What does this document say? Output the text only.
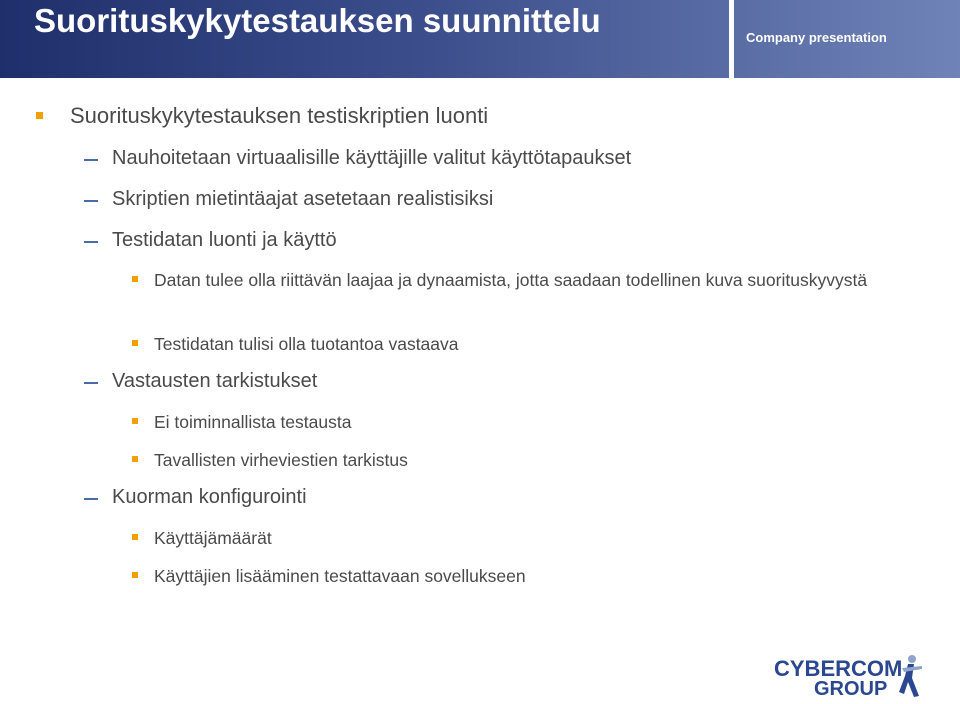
Suorituskykytestauksen suunnittelu	Company presentation
Suorituskykytestauksen testiskriptien luonti
Nauhoitetaan virtuaalisille käyttäjille valitut käyttötapaukset
Skriptien mietintäajat asetetaan realistisiksi
Testidatan luonti ja käyttö
Datan tulee olla riittävän laajaa ja dynaamista, jotta saadaan todellinen kuva suorituskyvystä
Testidatan tulisi olla tuotantoa vastaava
Vastausten tarkistukset
Ei toiminnallista testausta
Tavallisten virheviestien tarkistus
Kuorman konfigurointi
Käyttäjämäärät
Käyttäjien lisääminen testattavaan sovellukseen
CYBERCOM
GROUP
